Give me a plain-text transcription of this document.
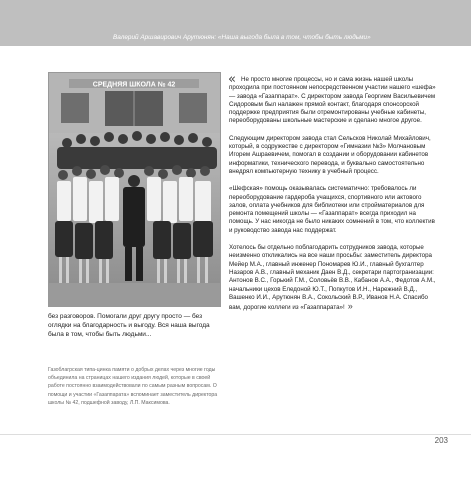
Валерий Аршавирович Арутюнян: «Наша выгода была в том, чтобы быть людьми»
СРЕДНЯЯ ШКОЛА № 42

без разговоров. Помогали друг другу просто — без оглядки на благодарность и выгоду. Вся наша выгода была в том, чтобы быть людьми...

Газоблагрская типа-цинка памяти о добрых делах через многие годы объединила на страницах нашего издания людей, которые в своей работе постоянно взаимодействовали по самым разным вопросам. О помощи и участии «Газаппарата» вспоминает заместитель директора школы № 42, подшефной заводу, Л.П. Максимова.
« Не просто многие процессы, но и сама жизнь нашей школы проходила при постоянном непосредственном участии нашего «шефа» — завода «Газаппарат». С директором завода Георгием Васильевичем Сидоровым был налажен прямой контакт, благодаря спонсорской поддержке предприятия были отремонтированы учебные кабинеты, переоборудованы школьные мастерские и сделано многое другое.

Следующим директором завода стал Сельсков Николай Михайлович, который, в содружестве с директором «Гимназии №3» Молчановым Игорем Ашраевичем, помогал в создании и оборудовании кабинетов информатики, технического перевода, и буквально самостоятельно внедрял компьютерную технику в учебный процесс.

«Шефская» помощь оказывалась систематично: требовалось ли переоборудование гардероба учащихся, спортивного или актового залов, оплата учебников для библиотеки или стройматериалов для ремонта помещений школы — «Газаппарат» всегда приходил на помощь. У нас никогда не было никаких сомнений в том, что коллектив и руководство завода нас поддержат.

Хотелось бы отдельно поблагодарить сотрудников завода, которые неизменно откликались на все наши просьбы: заместитель директора Мейер М.А., главный инженер Пономарев Ю.И., главный бухгалтер Назаров А.В., главный механик Даен В.Д., секретари партогранизации: Антонов В.С., Горький Г.М., Соловьёв В.В., Кабанов А.А., Федотов А.М., начальники цехов Еледоной Ю.Т., Попкутов И.Н., Нарежний В.Д., Вашенко И.И., Арутюнян В.А., Сокольский В.Р., Иванов Н.А. Спасибо вам, дорогие коллеги из «Газаппарата»! »

203
